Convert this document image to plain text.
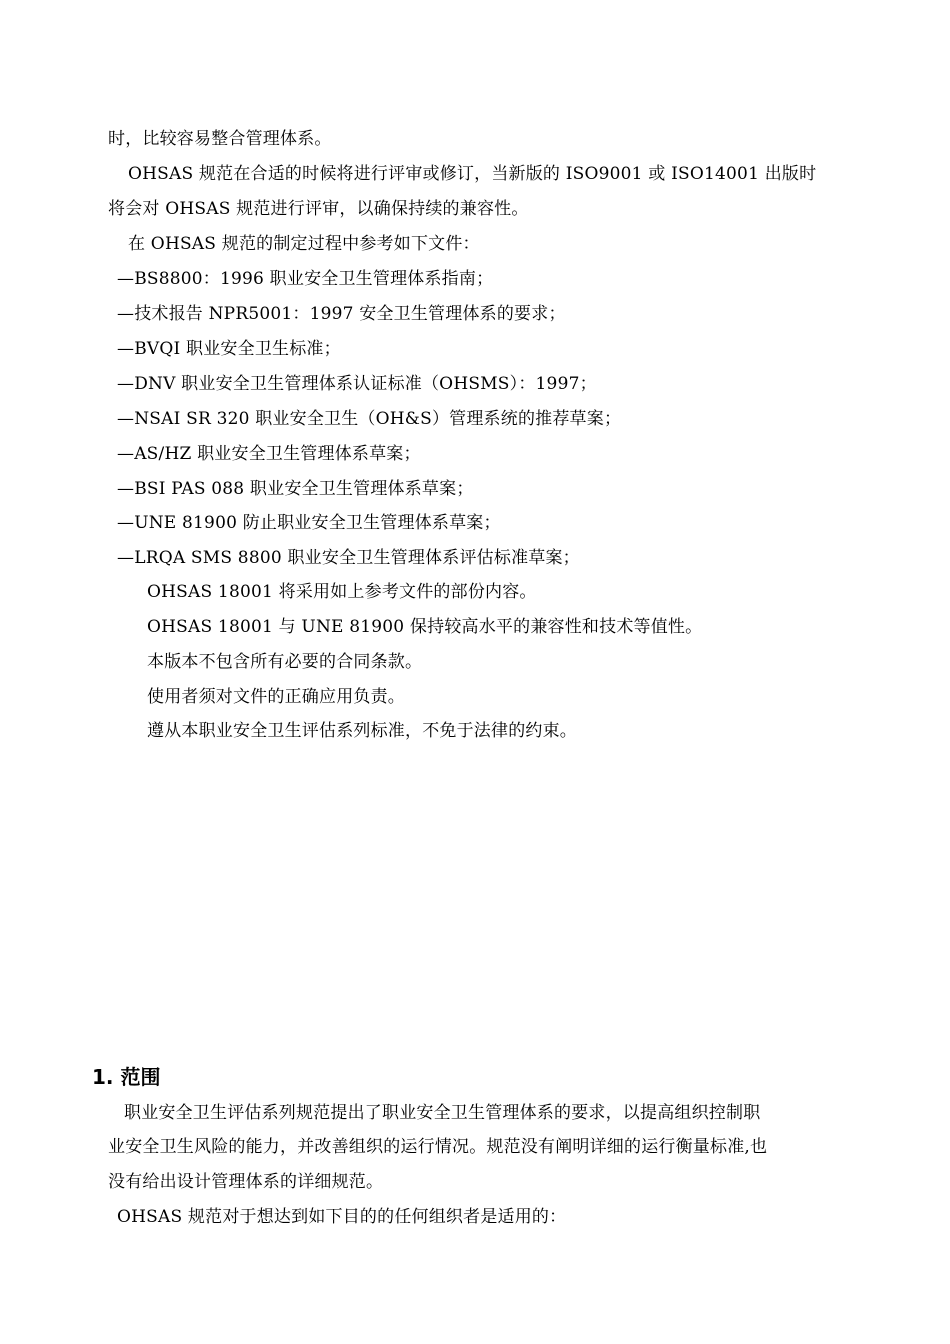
时，比较容易整合管理体系。
OHSAS 规范在合适的时候将进行评审或修订，当新版的 ISO9001 或 ISO14001 出版时
将会对 OHSAS 规范进行评审，以确保持续的兼容性。
在 OHSAS 规范的制定过程中参考如下文件：
—BS8800：1996 职业安全卫生管理体系指南；
—技术报告 NPR5001：1997 安全卫生管理体系的要求；
—BVQI 职业安全卫生标准；
—DNV 职业安全卫生管理体系认证标准（OHSMS）：1997；
—NSAI SR 320 职业安全卫生（OH&S）管理系统的推荐草案；
—AS/HZ 职业安全卫生管理体系草案；
—BSI PAS 088 职业安全卫生管理体系草案；
—UNE 81900 防止职业安全卫生管理体系草案；
—LRQA SMS 8800 职业安全卫生管理体系评估标准草案；
OHSAS 18001 将采用如上参考文件的部份内容。
OHSAS 18001 与 UNE 81900 保持较高水平的兼容性和技术等值性。
本版本不包含所有必要的合同条款。
使用者须对文件的正确应用负责。
遵从本职业安全卫生评估系列标准，不免于法律的约束。
1. 范围
职业安全卫生评估系列规范提出了职业安全卫生管理体系的要求，以提高组织控制职
业安全卫生风险的能力，并改善组织的运行情况。规范没有阐明详细的运行衡量标准,也
没有给出设计管理体系的详细规范。
OHSAS 规范对于想达到如下目的的任何组织者是适用的：
